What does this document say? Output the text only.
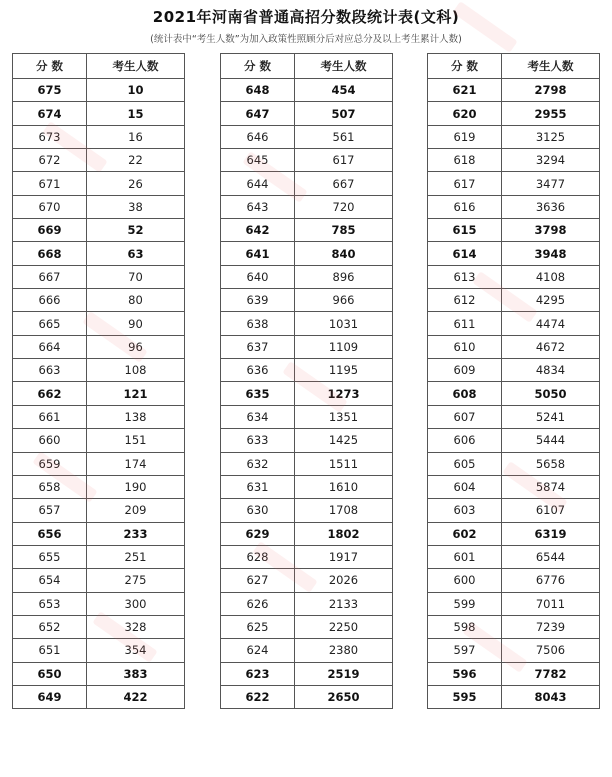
2021年河南省普通高招分数段统计表(文科)
(统计表中“考生人数”为加入政策性照顾分后对应总分及以上考生累计人数)
分 数	考生人数
675	10
674	15
673	16
672	22
671	26
670	38
669	52
668	63
667	70
666	80
665	90
664	96
663	108
662	121
661	138
660	151
659	174
658	190
657	209
656	233
655	251
654	275
653	300
652	328
651	354
650	383
649	422
分 数	考生人数
648	454
647	507
646	561
645	617
644	667
643	720
642	785
641	840
640	896
639	966
638	1031
637	1109
636	1195
635	1273
634	1351
633	1425
632	1511
631	1610
630	1708
629	1802
628	1917
627	2026
626	2133
625	2250
624	2380
623	2519
622	2650
分 数	考生人数
621	2798
620	2955
619	3125
618	3294
617	3477
616	3636
615	3798
614	3948
613	4108
612	4295
611	4474
610	4672
609	4834
608	5050
607	5241
606	5444
605	5658
604	5874
603	6107
602	6319
601	6544
600	6776
599	7011
598	7239
597	7506
596	7782
595	8043
